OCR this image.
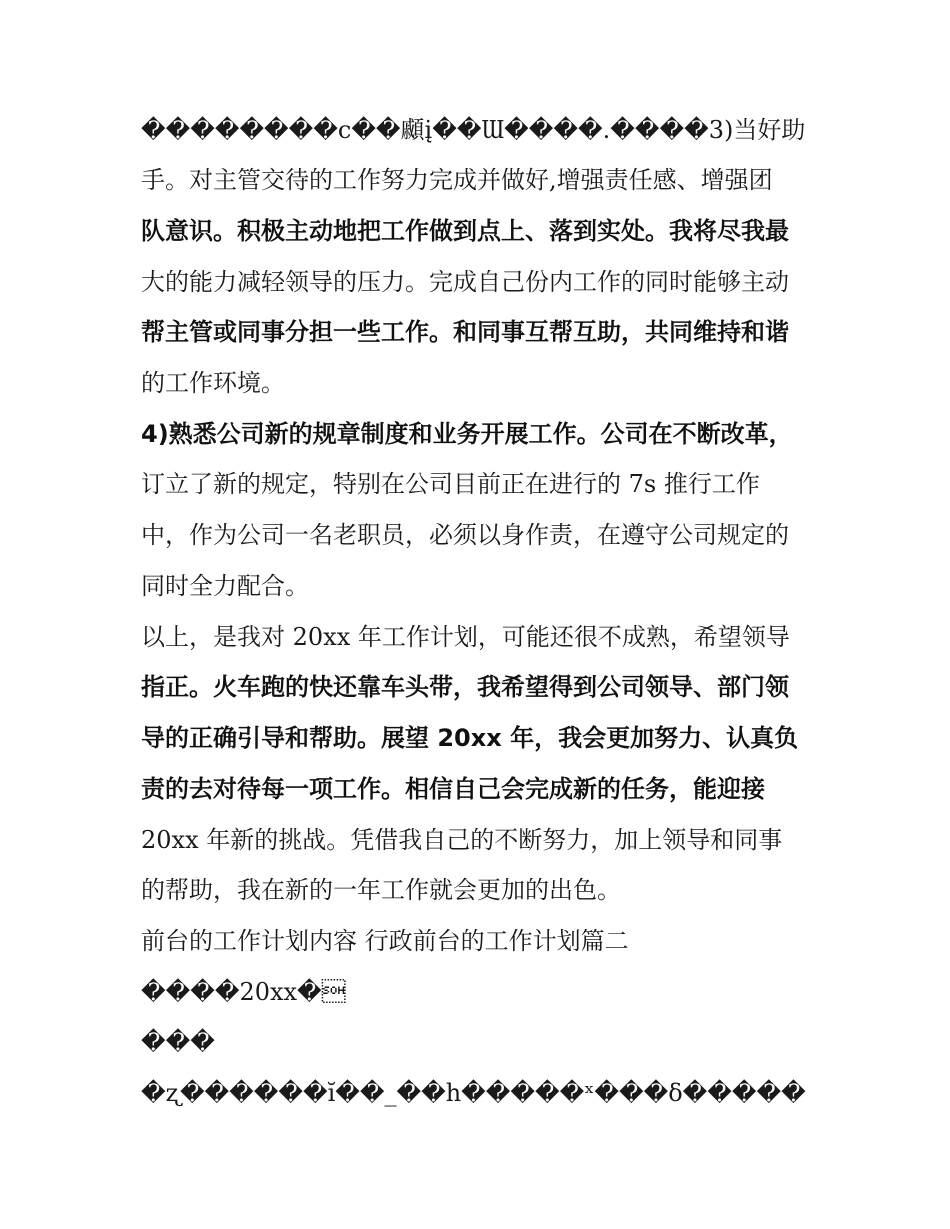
��������c��顣į��Ɯ����.����3)当好助
手。对主管交待的工作努力完成并做好,增强责任感、增强团
队意识。积极主动地把工作做到点上、落到实处。我将尽我最
大的能力减轻领导的压力。完成自己份内工作的同时能够主动
帮主管或同事分担一些工作。和同事互帮互助，共同维持和谐
的工作环境。
4)熟悉公司新的规章制度和业务开展工作。公司在不断改革，
订立了新的规定，特别在公司目前正在进行的 7s 推行工作
中，作为公司一名老职员，必须以身作责，在遵守公司规定的
同时全力配合。
以上，是我对 20xx 年工作计划，可能还很不成熟，希望领导
指正。火车跑的快还靠车头带，我希望得到公司领导、部门领
导的正确引导和帮助。展望 20xx 年，我会更加努力、认真负
责的去对待每一项工作。相信自己会完成新的任务，能迎接
20xx 年新的挑战。凭借我自己的不断努力，加上领导和同事
的帮助，我在新的一年工作就会更加的出色。
前台的工作计划内容 行政前台的工作计划篇二
����20xx�
���
�ʐ������ĭ��_��h�����ˣ���δ�����
